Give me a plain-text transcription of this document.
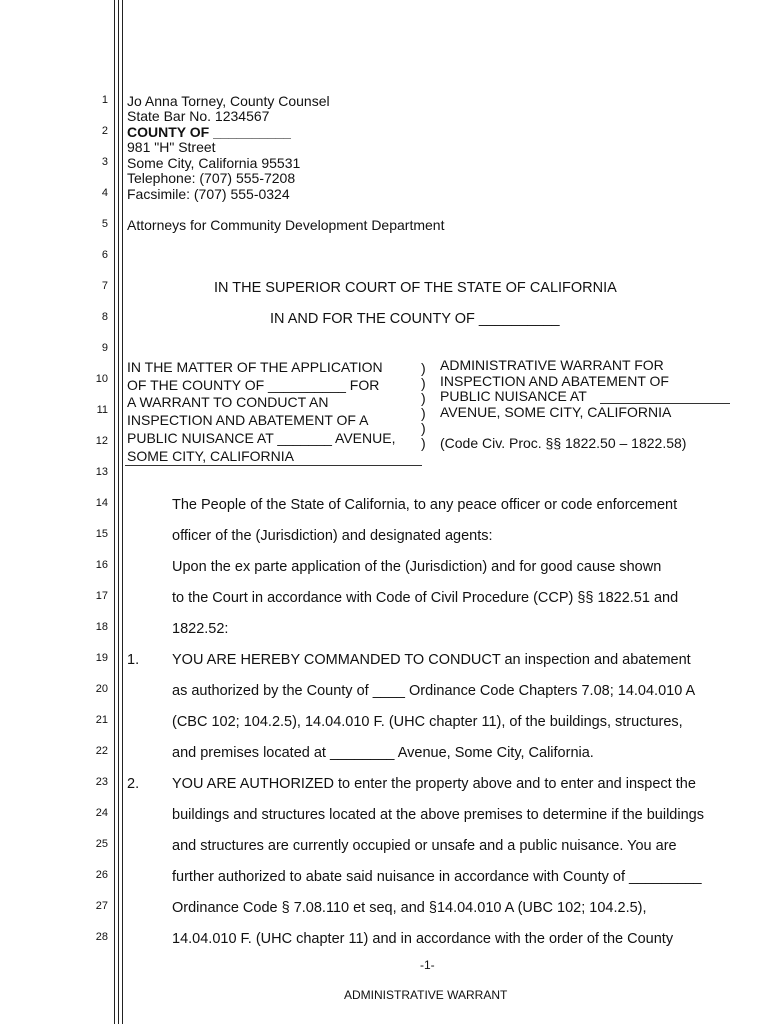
1
2
3
4
5
6
7
8
9
10
11
12
13
14
15
16
17
18
19
20
21
22
23
24
25
26
27
28
Jo Anna Torney, County Counsel
State Bar No. 1234567
COUNTY OF __________
981 "H" Street
Some City, California 95531
Telephone: (707) 555-7208
Facsimile: (707) 555-0324
Attorneys for Community Development Department
IN THE SUPERIOR COURT OF THE STATE OF CALIFORNIA
IN AND FOR THE COUNTY OF __________
IN THE MATTER OF THE APPLICATION
OF THE COUNTY OF __________ FOR
A WARRANT TO CONDUCT AN
INSPECTION AND ABATEMENT OF A
PUBLIC NUISANCE AT _______ AVENUE,
SOME CITY, CALIFORNIA
)
)
)
)
)
)
ADMINISTRATIVE WARRANT FOR
INSPECTION AND ABATEMENT OF
PUBLIC NUISANCE AT
AVENUE, SOME CITY, CALIFORNIA
(Code Civ. Proc. §§ 1822.50 – 1822.58)
The People of the State of California, to any peace officer or code enforcement
officer of the (Jurisdiction) and designated agents:
Upon the ex parte application of the (Jurisdiction) and for good cause shown
to the Court in accordance with Code of Civil Procedure (CCP) §§ 1822.51 and
1822.52:
1. YOU ARE HEREBY COMMANDED TO CONDUCT an inspection and abatement
as authorized by the County of ____ Ordinance Code Chapters 7.08; 14.04.010 A
(CBC 102; 104.2.5), 14.04.010 F. (UHC chapter 11), of the buildings, structures,
and premises located at ________ Avenue, Some City, California.
2. YOU ARE AUTHORIZED to enter the property above and to enter and inspect the
buildings and structures located at the above premises to determine if the buildings
and structures are currently occupied or unsafe and a public nuisance. You are
further authorized to abate said nuisance in accordance with County of _________
Ordinance Code § 7.08.110 et seq, and §14.04.010 A (UBC 102; 104.2.5),
14.04.010 F. (UHC chapter 11) and in accordance with the order of the County
-1-
ADMINISTRATIVE WARRANT
